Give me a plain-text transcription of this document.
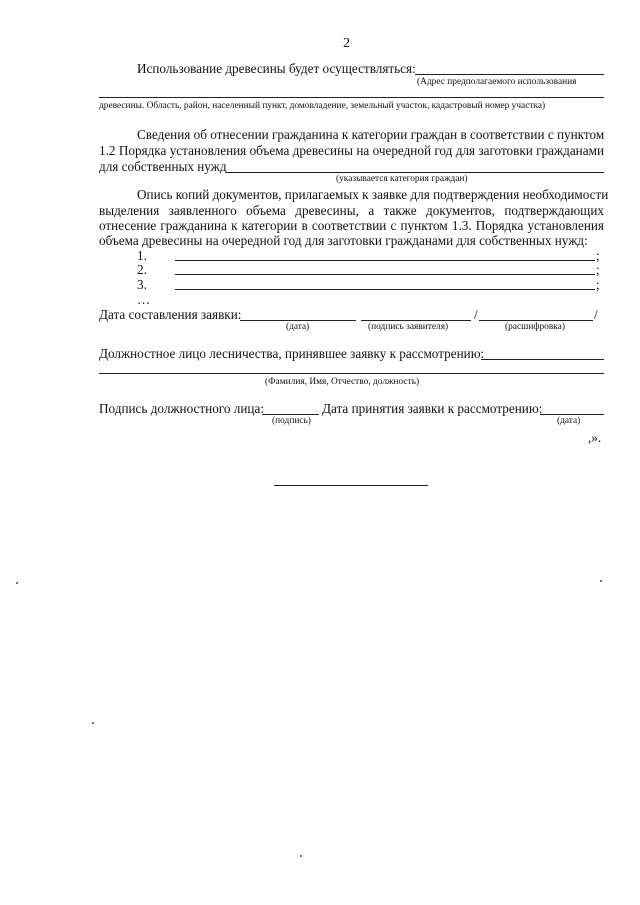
2
Использование древесины будет осуществляться:
(Адрес предполагаемого использования
древесины. Область, район, населенный пункт, домовладение, земельный участок, кадастровый номер участка)
Сведения об отнесении гражданина к категории граждан в соответствии с пунктом
1.2 Порядка установления объема древесины на очередной год для заготовки гражданами
для собственных нужд
(указывается категория граждан)
Опись копий документов, прилагаемых к заявке для подтверждения необходимости
выделения заявленного объема древесины, а также документов, подтверждающих
отнесение гражданина к категории в соответствии с пунктом 1.3. Порядка установления
объема древесины на очередной год для заготовки гражданами для собственных нужд:
1.	;
2.	;
3.	;
…
Дата составления заявки:	/	/
(дата)	(подпись заявителя)	(расшифровка)
Должностное лицо лесничества, принявшее заявку к рассмотрению:
(Фамилия, Имя, Отчество, должность)
Подпись должностного лица:	Дата принятия заявки к рассмотрению:
(подпись)	(дата)
,».
